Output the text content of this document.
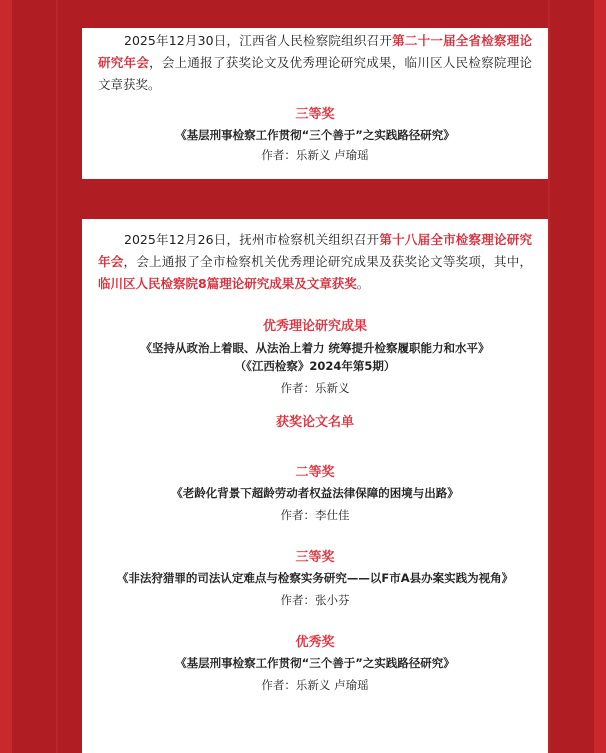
2025年12月30日，江西省人民检察院组织召开第二十一届全省检察理论研究年会，会上通报了获奖论文及优秀理论研究成果，临川区人民检察院理论文章获奖。

三等奖

《基层刑事检察工作贯彻“三个善于”之实践路径研究》

作者：乐新义 卢瑜瑶

2025年12月26日，抚州市检察机关组织召开第十八届全市检察理论研究年会，会上通报了全市检察机关优秀理论研究成果及获奖论文等奖项，其中，临川区人民检察院8篇理论研究成果及文章获奖。

优秀理论研究成果

《坚持从政治上着眼、从法治上着力 统筹提升检察履职能力和水平》

（《江西检察》2024年第5期）

作者：乐新义

获奖论文名单

二等奖

《老龄化背景下超龄劳动者权益法律保障的困境与出路》

作者：李仕佳

三等奖

《非法狩猎罪的司法认定难点与检察实务研究——以F市A县办案实践为视角》

作者：张小芬

优秀奖

《基层刑事检察工作贯彻“三个善于”之实践路径研究》

作者：乐新义 卢瑜瑶
